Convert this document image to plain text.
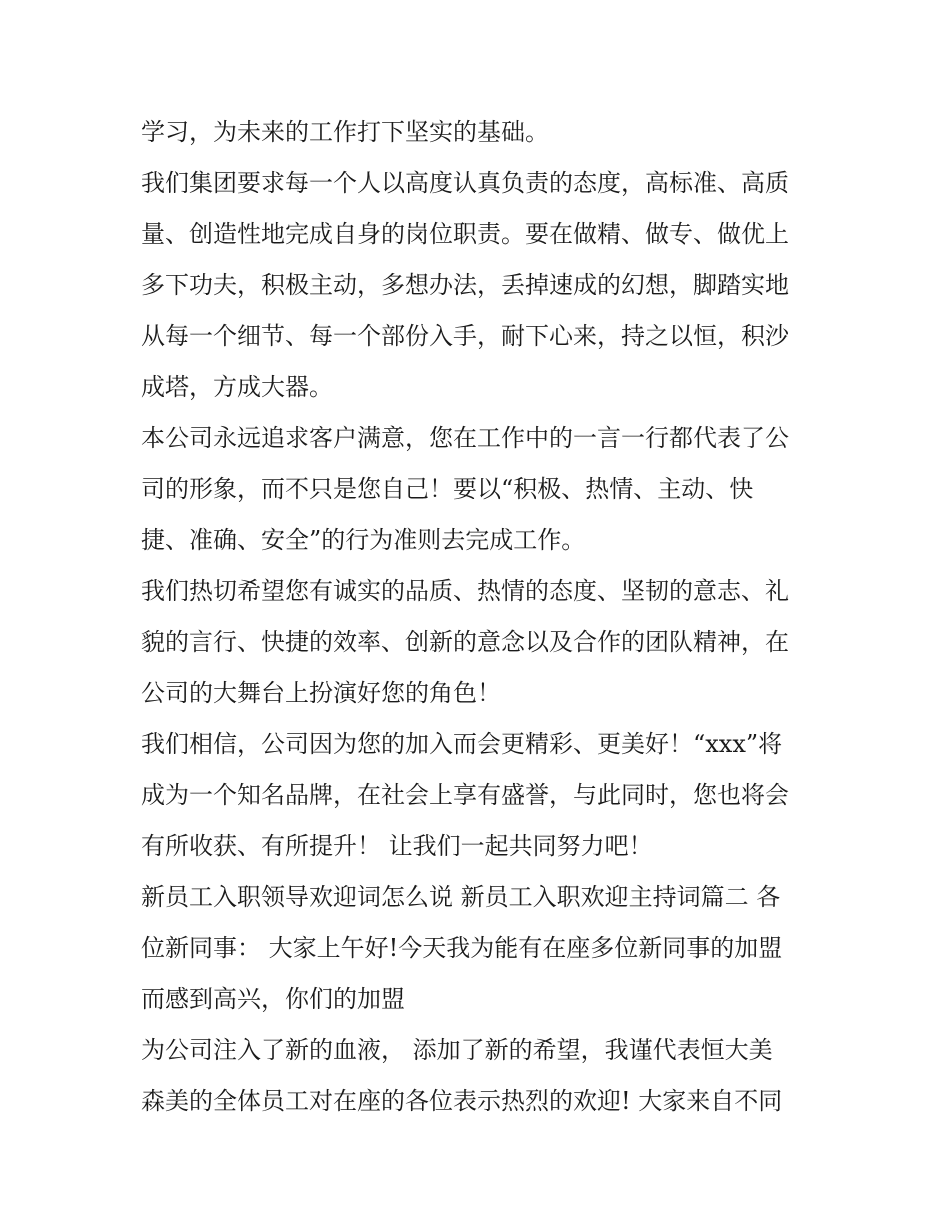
学习，为未来的工作打下坚实的基础。
我们集团要求每一个人以高度认真负责的态度，高标准、高质
量、创造性地完成自身的岗位职责。要在做精、做专、做优上
多下功夫，积极主动，多想办法，丢掉速成的幻想，脚踏实地
从每一个细节、每一个部份入手，耐下心来，持之以恒，积沙
成塔，方成大器。
本公司永远追求客户满意，您在工作中的一言一行都代表了公
司的形象，而不只是您自己！要以“积极、热情、主动、快
捷、准确、安全”的行为准则去完成工作。
我们热切希望您有诚实的品质、热情的态度、坚韧的意志、礼
貌的言行、快捷的效率、创新的意念以及合作的团队精神，在
公司的大舞台上扮演好您的角色！
我们相信，公司因为您的加入而会更精彩、更美好！“xxx”将
成为一个知名品牌，在社会上享有盛誉，与此同时，您也将会
有所收获、有所提升！ 让我们一起共同努力吧！
新员工入职领导欢迎词怎么说 新员工入职欢迎主持词篇二 各
位新同事： 大家上午好!今天我为能有在座多位新同事的加盟
而感到高兴，你们的加盟
为公司注入了新的血液， 添加了新的希望，我谨代表恒大美
森美的全体员工对在座的各位表示热烈的欢迎! 大家来自不同
